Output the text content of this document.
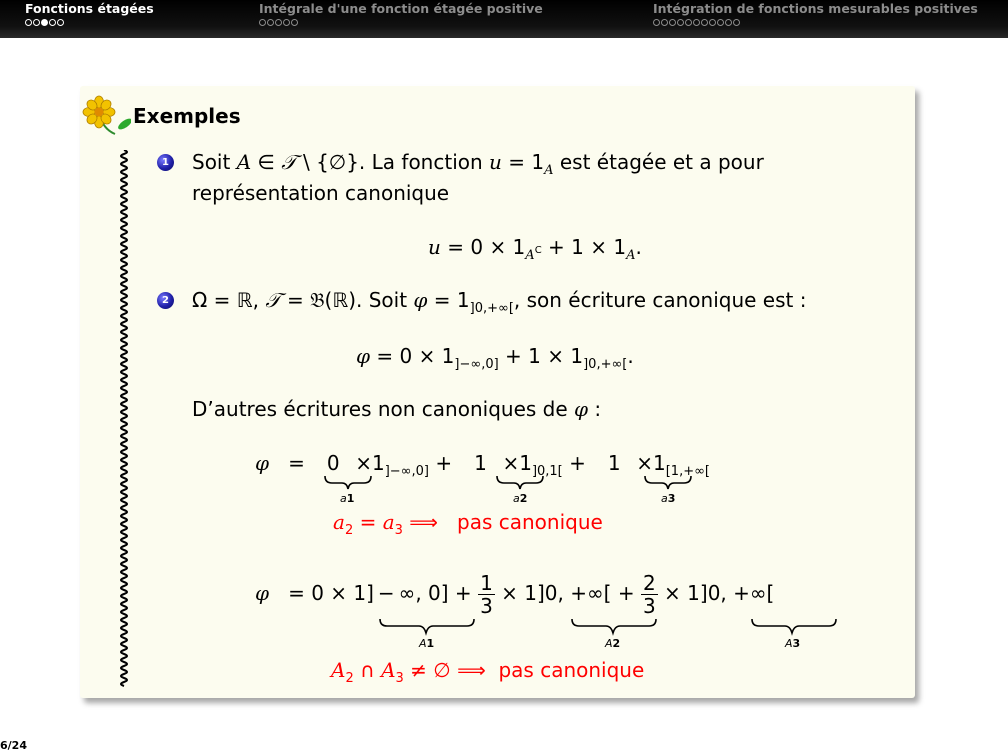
Fonctions étagées	Intégrale d'une fonction étagée positive	Intégration de fonctions mesurables positives
Exemples
1 Soit A ∈ 𝒯 \ {∅}. La fonction $u = 1_A$ est étagée et a pour
représentation canonique
$u = 0 \times 1_{A^C} + 1 \times 1_A$.
2 Ω = ℝ, 𝒯 = 𝔅(ℝ). Soit $\varphi = 1_{]0,+\infty[}$, son écriture canonique est :
$\varphi = 0 \times 1_{]-\infty,0]} + 1 \times 1_{]0,+\infty[}$.
D’autres écritures non canoniques de φ :
$\varphi = 0 \times 1_{]-\infty,0]} + 1 \times 1_{]0,1[} + 1 \times 1_{[1,+\infty[}$
a1	a2	a3
$a_2 = a_3$ ⟹   pas canonique
φ   = 0 × 1] − ∞, $0] + \frac{1}{3} \times 1]0$, +∞[ + $\frac{2}{3} \times 1]0$, +∞[
A1	A2	A3
$A_2$ ∩ $A_3$ ≠ ∅ ⟹  pas canonique
6/24
